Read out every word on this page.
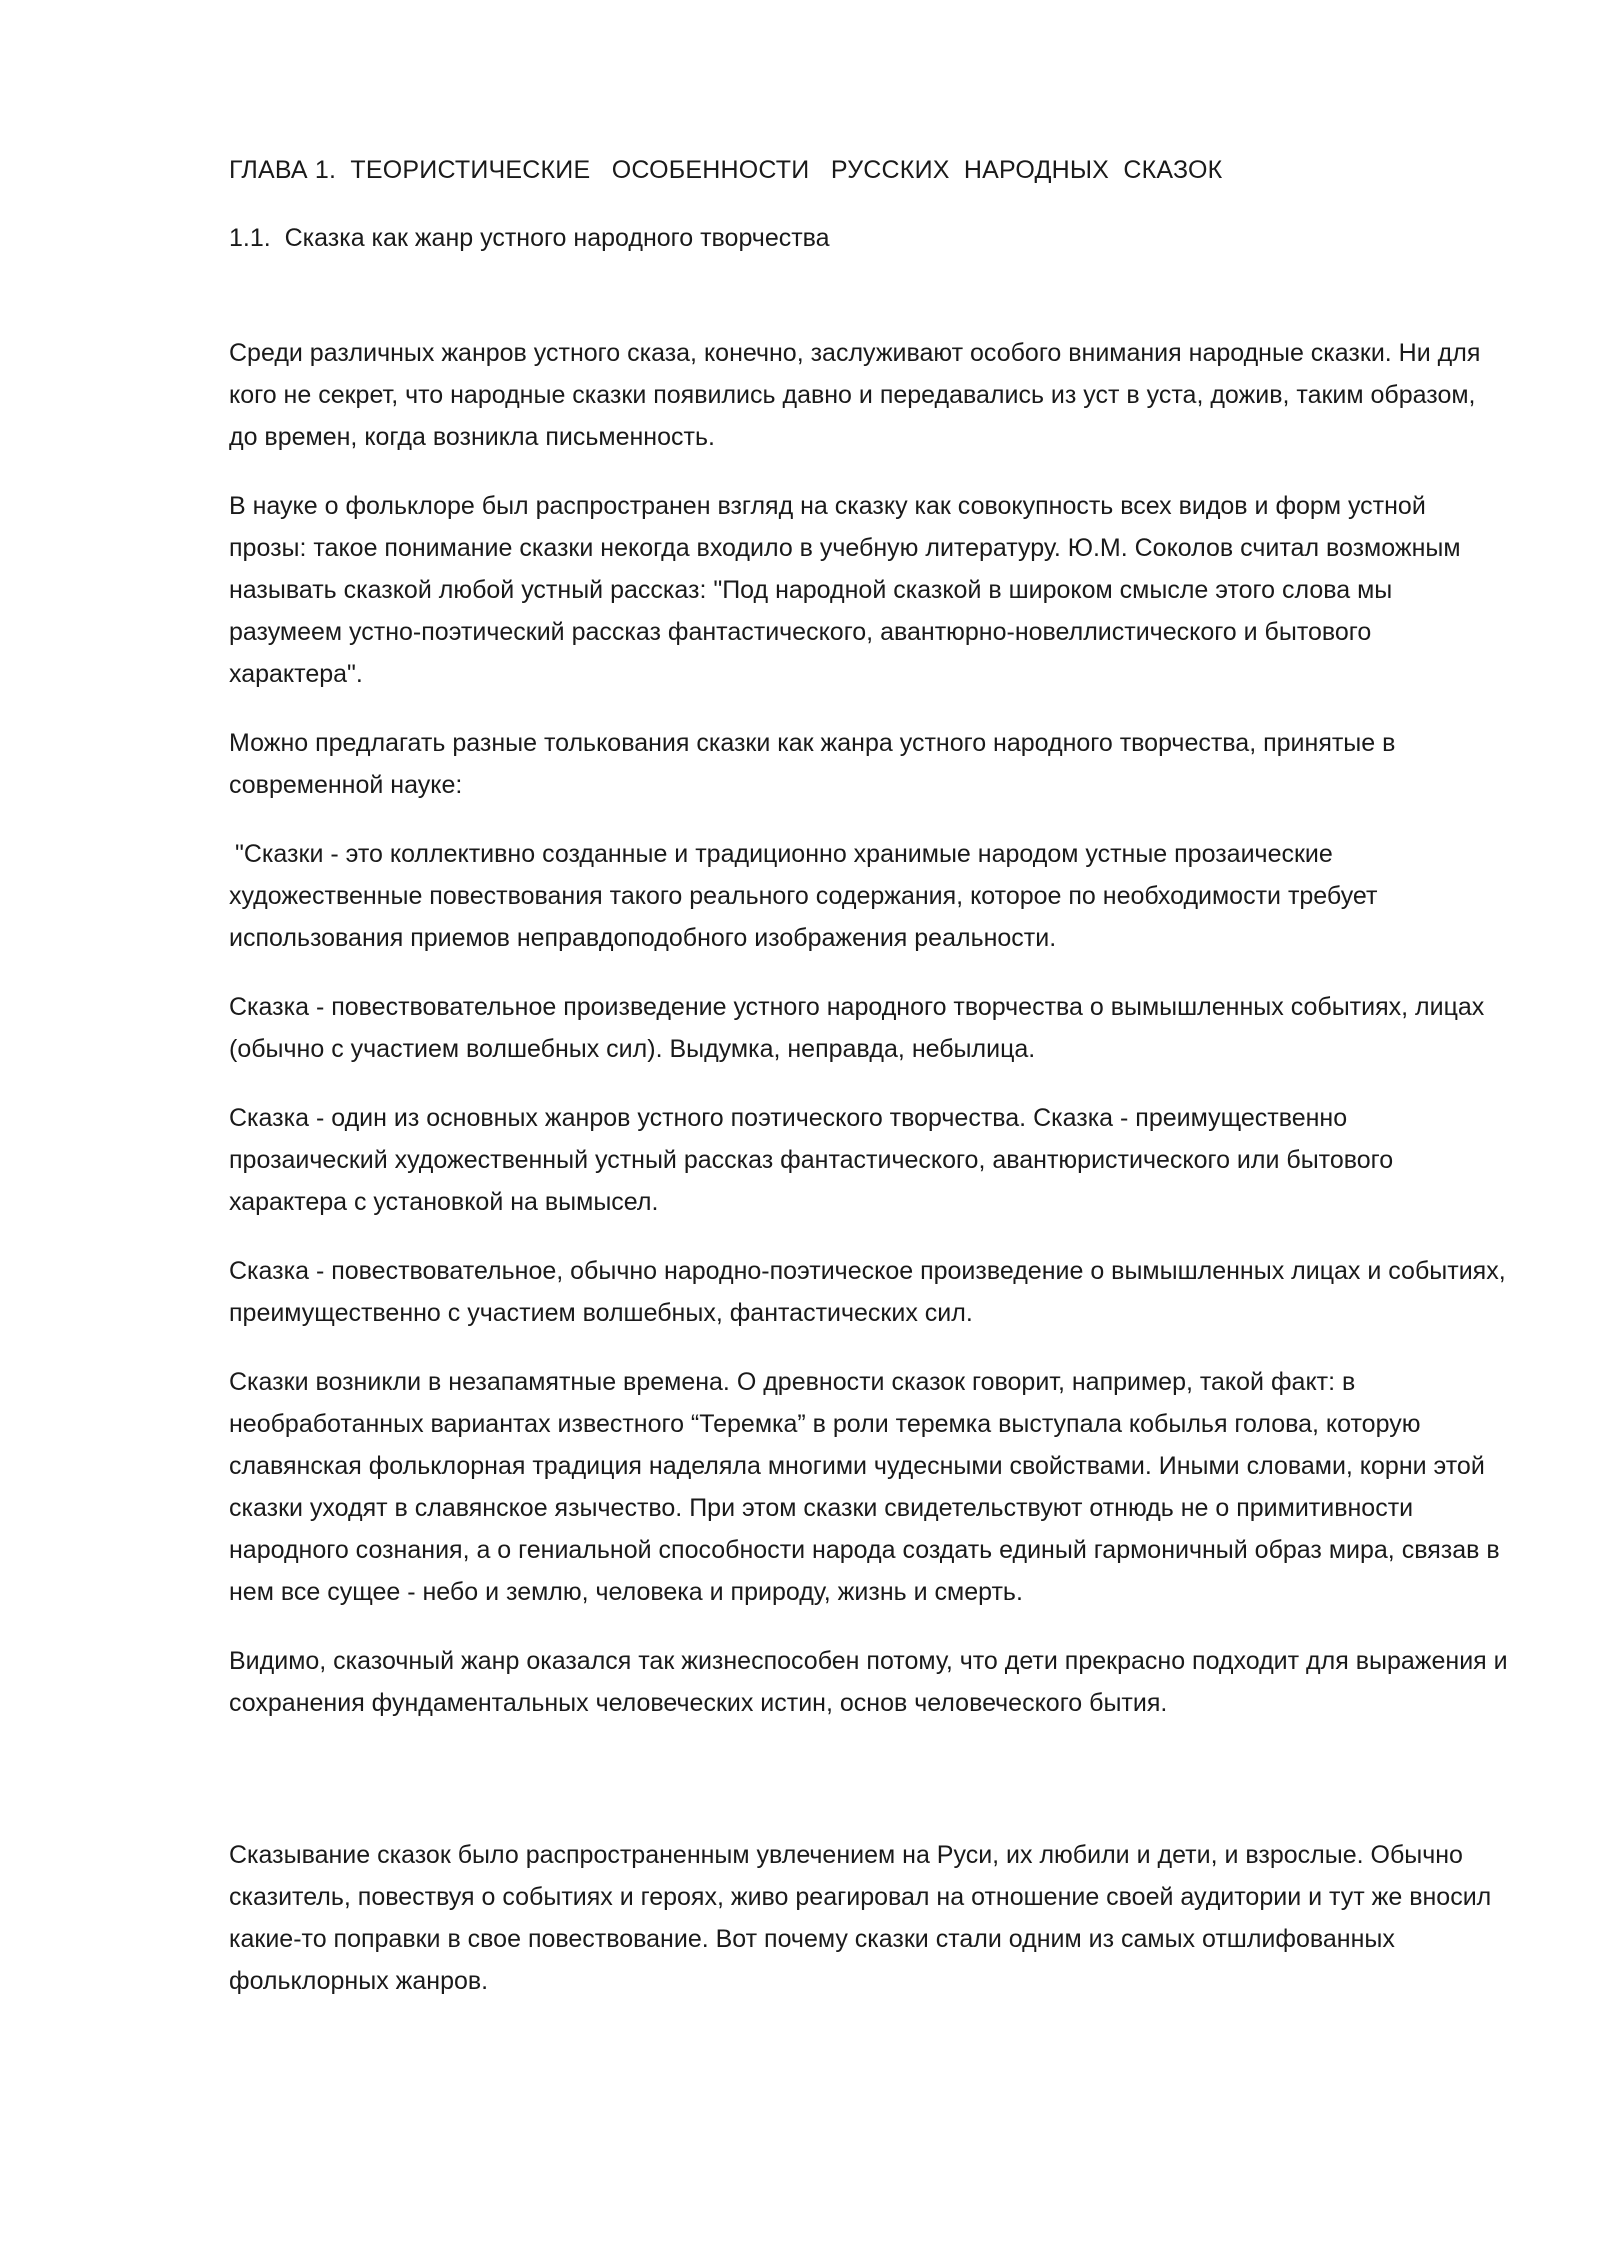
ГЛАВА 1.  ТЕОРИСТИЧЕСКИЕ   ОСОБЕННОСТИ   РУССКИХ  НАРОДНЫХ  СКАЗОК
1.1.  Сказка как жанр устного народного творчества

Среди различных жанров устного сказа, конечно, заслуживают особого внимания народные сказки. Ни для кого не секрет, что народные сказки появились давно и передавались из уст в уста, дожив, таким образом, до времен, когда возникла письменность.

В науке о фольклоре был распространен взгляд на сказку как совокупность всех видов и форм устной прозы: такое понимание сказки некогда входило в учебную литературу. Ю.М. Соколов считал возможным называть сказкой любой устный рассказ: "Под народной сказкой в широком смысле этого слова мы разумеем устно-поэтический рассказ фантастического, авантюрно-новеллистического и бытового характера".

Можно предлагать разные толькования сказки как жанра устного народного творчества, принятые в современной науке:

"Сказки - это коллективно созданные и традиционно хранимые народом устные прозаические художественные повествования такого реального содержания, которое по необходимости требует использования приемов неправдоподобного изображения реальности.

Сказка - повествовательное произведение устного народного творчества о вымышленных событиях, лицах (обычно с участием волшебных сил). Выдумка, неправда, небылица.

Сказка - один из основных жанров устного поэтического творчества. Сказка - преимущественно прозаический художественный устный рассказ фантастического, авантюристического или бытового характера с установкой на вымысел.

Сказка - повествовательное, обычно народно-поэтическое произведение о вымышленных лицах и событиях, преимущественно с участием волшебных, фантастических сил.

Сказки возникли в незапамятные времена. О древности сказок говорит, например, такой факт: в необработанных вариантах известного “Теремка” в роли теремка выступала кобылья голова, которую славянская фольклорная традиция наделяла многими чудесными свойствами. Иными словами, корни этой сказки уходят в славянское язычество. При этом сказки свидетельствуют отнюдь не о примитивности народного сознания, а о гениальной способности народа создать единый гармоничный образ мира, связав в нем все сущее - небо и землю, человека и природу, жизнь и смерть.

Видимо, сказочный жанр оказался так жизнеспособен потому, что дети прекрасно подходит для выражения и сохранения фундаментальных человеческих истин, основ человеческого бытия.

Сказывание сказок было распространенным увлечением на Руси, их любили и дети, и взрослые. Обычно сказитель, повествуя о событиях и героях, живо реагировал на отношение своей аудитории и тут же вносил какие-то поправки в свое повествование. Вот почему сказки стали одним из самых отшлифованных фольклорных жанров.
